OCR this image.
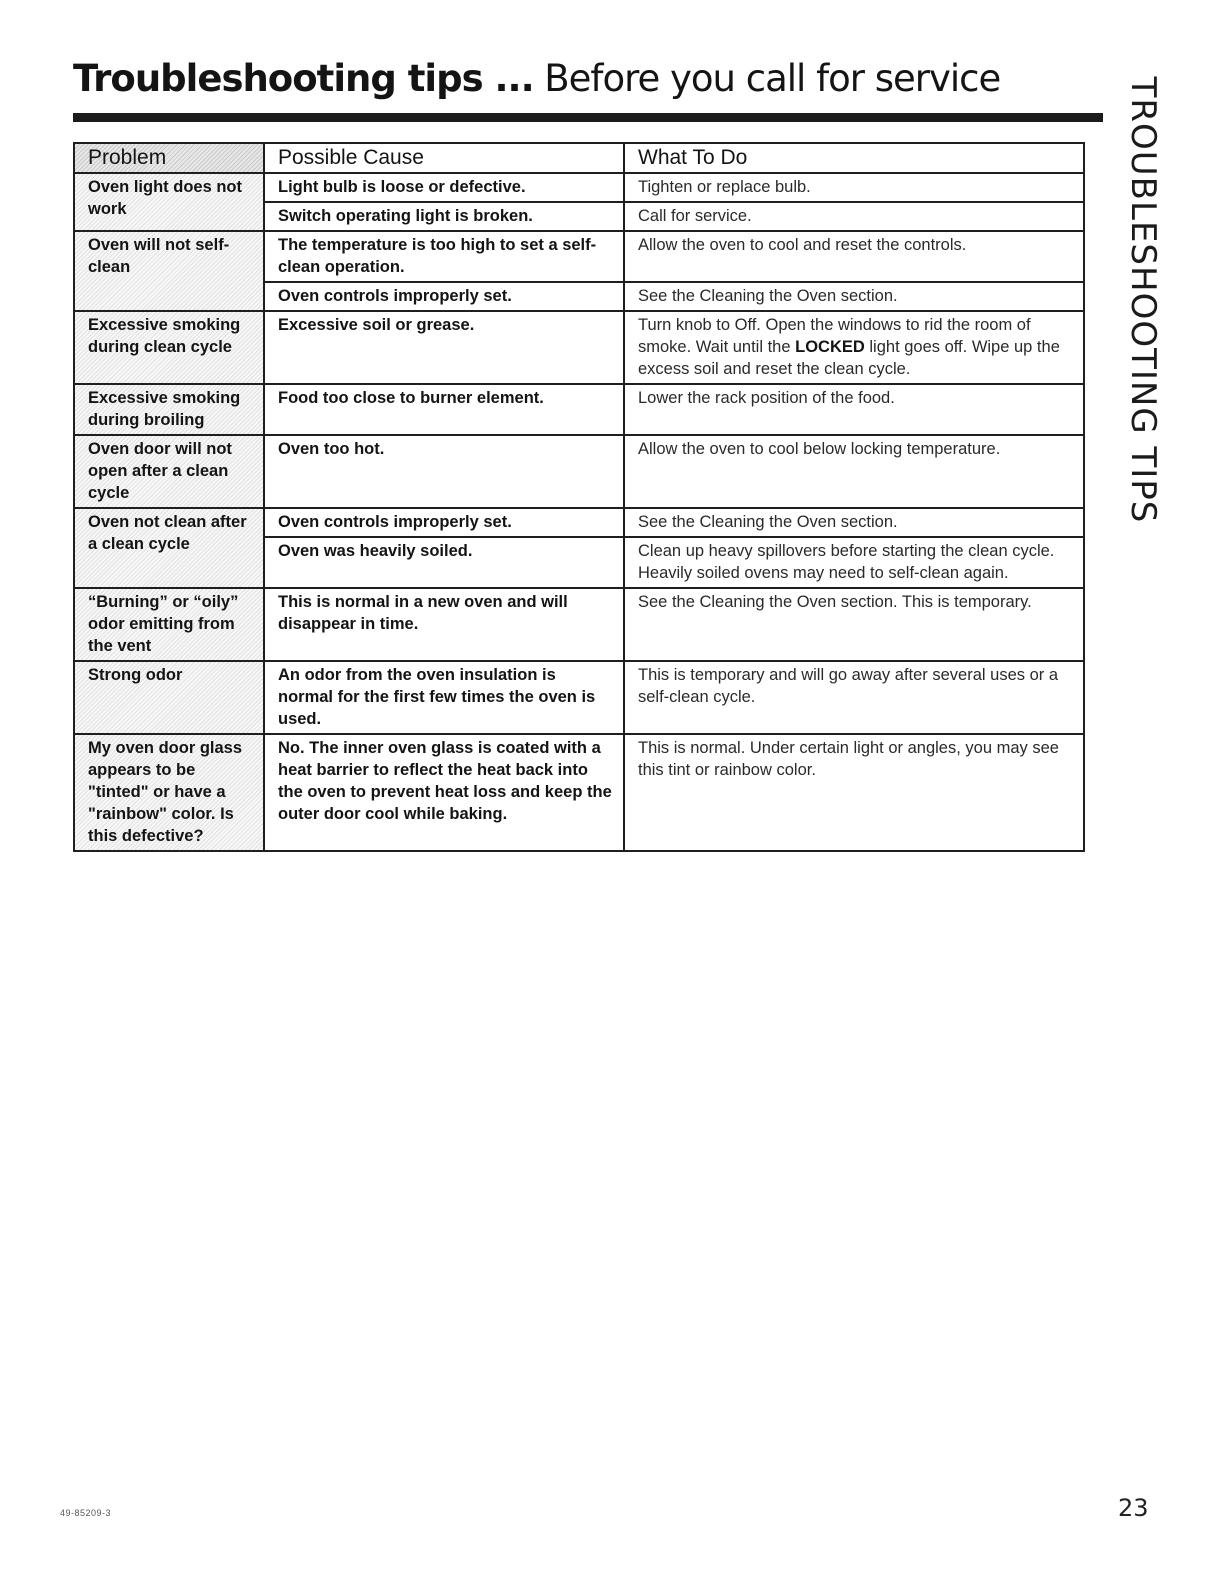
Troubleshooting tips ... Before you call for service	TROUBLESHOOTING TIPS
Problem	Possible Cause	What To Do
Oven light does not work	Light bulb is loose or defective.	Tighten or replace bulb.
	Switch operating light is broken.	Call for service.
Oven will not self-clean	The temperature is too high to set a self-clean operation.	Allow the oven to cool and reset the controls.
	Oven controls improperly set.	See the Cleaning the Oven section.
Excessive smoking during clean cycle	Excessive soil or grease.	Turn knob to Off. Open the windows to rid the room of smoke. Wait until the LOCKED light goes off. Wipe up the excess soil and reset the clean cycle.
Excessive smoking during broiling	Food too close to burner element.	Lower the rack position of the food.
Oven door will not open after a clean cycle	Oven too hot.	Allow the oven to cool below locking temperature.
Oven not clean after a clean cycle	Oven controls improperly set.	See the Cleaning the Oven section.
	Oven was heavily soiled.	Clean up heavy spillovers before starting the clean cycle. Heavily soiled ovens may need to self-clean again.
“Burning” or “oily” odor emitting from the vent	This is normal in a new oven and will disappear in time.	See the Cleaning the Oven section. This is temporary.
Strong odor	An odor from the oven insulation is normal for the first few times the oven is used.	This is temporary and will go away after several uses or a self-clean cycle.
My oven door glass appears to be "tinted" or have a "rainbow" color. Is this defective?	No. The inner oven glass is coated with a heat barrier to reflect the heat back into the oven to prevent heat loss and keep the outer door cool while baking.	This is normal. Under certain light or angles, you may see this tint or rainbow color.
49-85209-3	23
